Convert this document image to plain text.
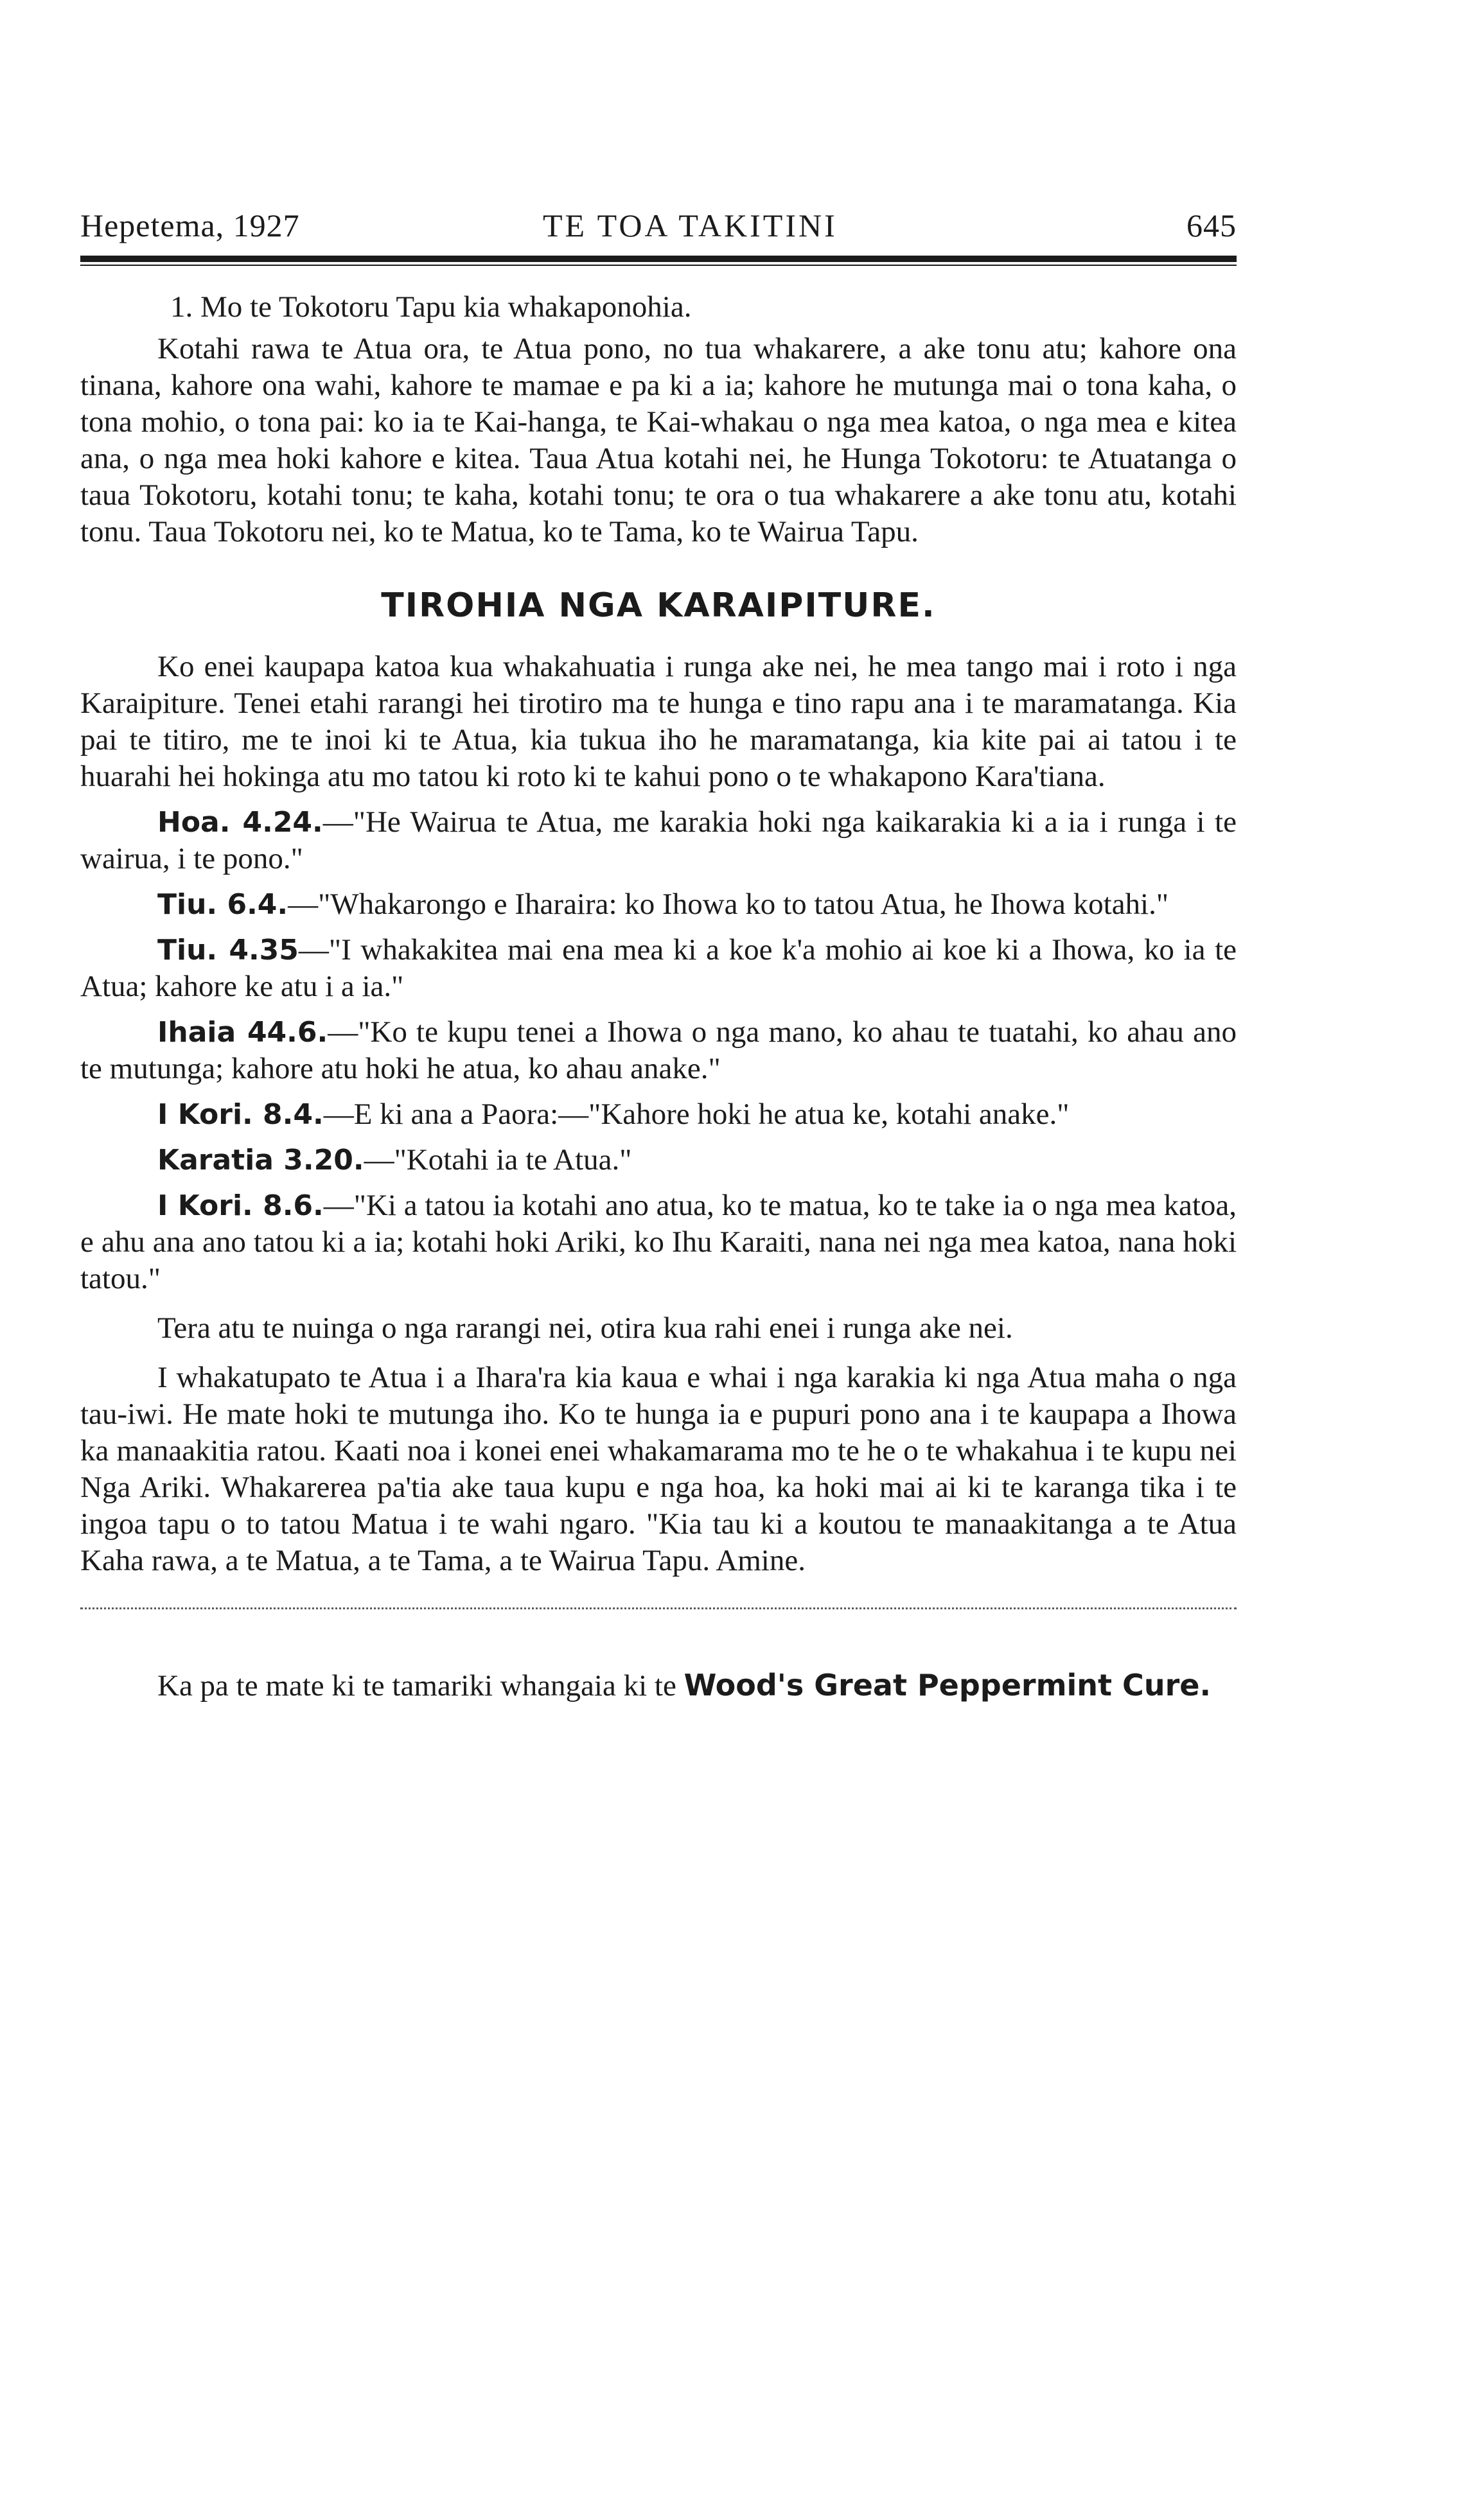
Hepetema, 1927	TE TOA TAKITINI	645

1. Mo te Tokotoru Tapu kia whakaponohia.

Kotahi rawa te Atua ora, te Atua pono, no tua whakarere, a ake tonu atu; kahore ona tinana, kahore ona wahi, kahore te mamae e pa ki a ia; kahore he mutunga mai o tona kaha, o tona mohio, o tona pai: ko ia te Kai-hanga, te Kai-whakau o nga mea katoa, o nga mea e kitea ana, o nga mea hoki kahore e kitea. Taua Atua kotahi nei, he Hunga Tokotoru: te Atuatanga o taua Tokotoru, kotahi tonu; te kaha, kotahi tonu; te ora o tua whakarere a ake tonu atu, kotahi tonu. Taua Tokotoru nei, ko te Matua, ko te Tama, ko te Wairua Tapu.

TIROHIA NGA KARAIPITURE.

Ko enei kaupapa katoa kua whakahuatia i runga ake nei, he mea tango mai i roto i nga Karaipiture. Tenei etahi rarangi hei tirotiro ma te hunga e tino rapu ana i te maramatanga. Kia pai te titiro, me te inoi ki te Atua, kia tukua iho he maramatanga, kia kite pai ai tatou i te huarahi hei hokinga atu mo tatou ki roto ki te kahui pono o te whakapono Kara'tiana.

Hoa. 4.24.—"He Wairua te Atua, me karakia hoki nga kaikarakia ki a ia i runga i te wairua, i te pono."

Tiu. 6.4.—"Whakarongo e Iharaira: ko Ihowa ko to tatou Atua, he Ihowa kotahi."

Tiu. 4.35—"I whakakitea mai ena mea ki a koe k'a mohio ai koe ki a Ihowa, ko ia te Atua; kahore ke atu i a ia."

Ihaia 44.6.—"Ko te kupu tenei a Ihowa o nga mano, ko ahau te tuatahi, ko ahau ano te mutunga; kahore atu hoki he atua, ko ahau anake."

I Kori. 8.4.—E ki ana a Paora:—"Kahore hoki he atua ke, kotahi anake."

Karatia 3.20.—"Kotahi ia te Atua."

I Kori. 8.6.—"Ki a tatou ia kotahi ano atua, ko te matua, ko te take ia o nga mea katoa, e ahu ana ano tatou ki a ia; kotahi hoki Ariki, ko Ihu Karaiti, nana nei nga mea katoa, nana hoki tatou."

Tera atu te nuinga o nga rarangi nei, otira kua rahi enei i runga ake nei.

I whakatupato te Atua i a Ihara'ra kia kaua e whai i nga karakia ki nga Atua maha o nga tau-iwi. He mate hoki te mutunga iho. Ko te hunga ia e pupuri pono ana i te kaupapa a Ihowa ka manaakitia ratou. Kaati noa i konei enei whakamarama mo te he o te whakahua i te kupu nei Nga Ariki. Whakarerea pa'tia ake taua kupu e nga hoa, ka hoki mai ai ki te karanga tika i te ingoa tapu o to tatou Matua i te wahi ngaro. "Kia tau ki a koutou te manaakitanga a te Atua Kaha rawa, a te Matua, a te Tama, a te Wairua Tapu. Amine.

Ka pa te mate ki te tamariki whangaia ki te Wood's Great Peppermint Cure.
